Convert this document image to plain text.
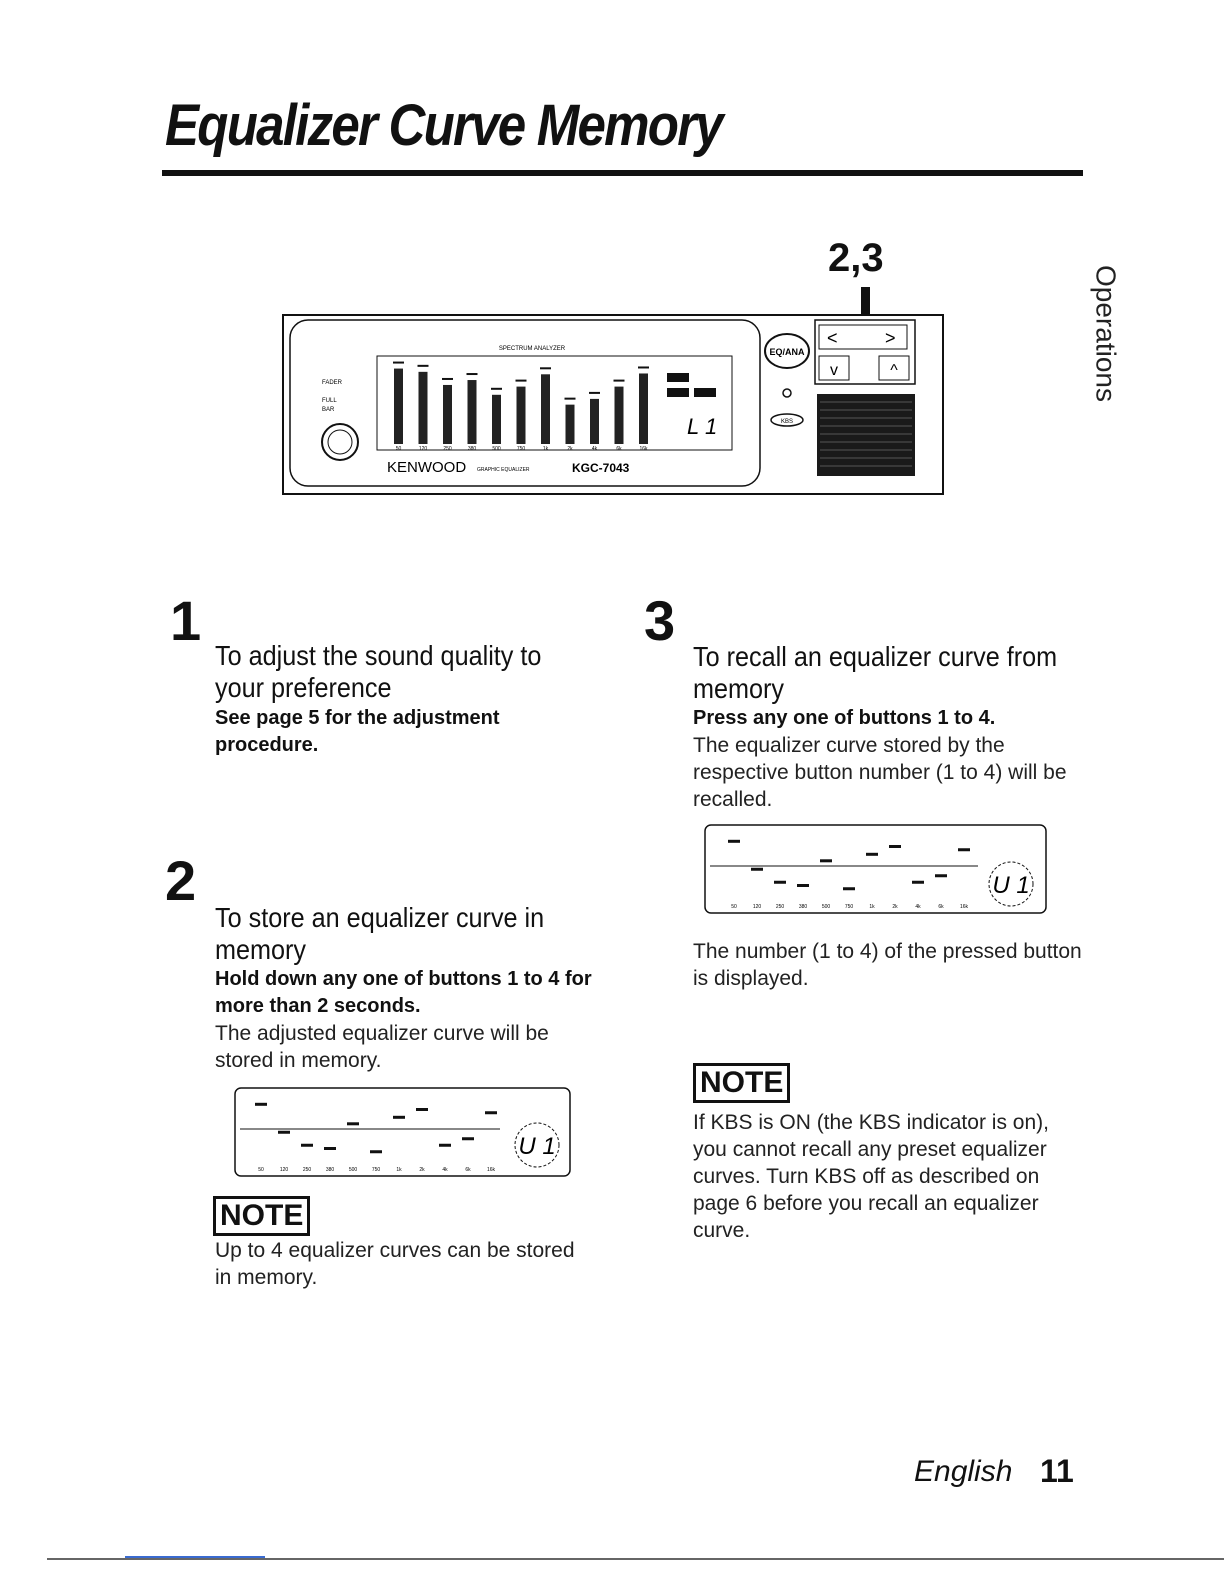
Equalizer Curve Memory
Operations
2,3
SPECTRUM ANALYZER
50	120	250	380	500	750	1k	2k	4k	6k	16k
L 1
FADER
FULL
BAR
KENWOOD GRAPHIC EQUALIZER	KGC-7043
EQ/ANA
KBS
<	>
v	^
1
To adjust the sound quality to your preference
See page 5 for the adjustment procedure.
2
To store an equalizer curve in memory
Hold down any one of buttons 1 to 4 for more than 2 seconds.
The adjusted equalizer curve will be stored in memory.
50	120	250	380	500	750	1k	2k	4k	6k	16k
U 1
NOTE
Up to 4 equalizer curves can be stored in memory.
3
To recall an equalizer curve from memory
Press any one of buttons 1 to 4.
The equalizer curve stored by the respective button number (1 to 4) will be recalled.
50	120	250	380	500	750	1k	2k	4k	6k	16k
U 1
The number (1 to 4) of the pressed button is displayed.
NOTE
If KBS is ON (the KBS indicator is on), you cannot recall any preset equalizer curves. Turn KBS off as described on page 6 before you recall an equalizer curve.
English 11
